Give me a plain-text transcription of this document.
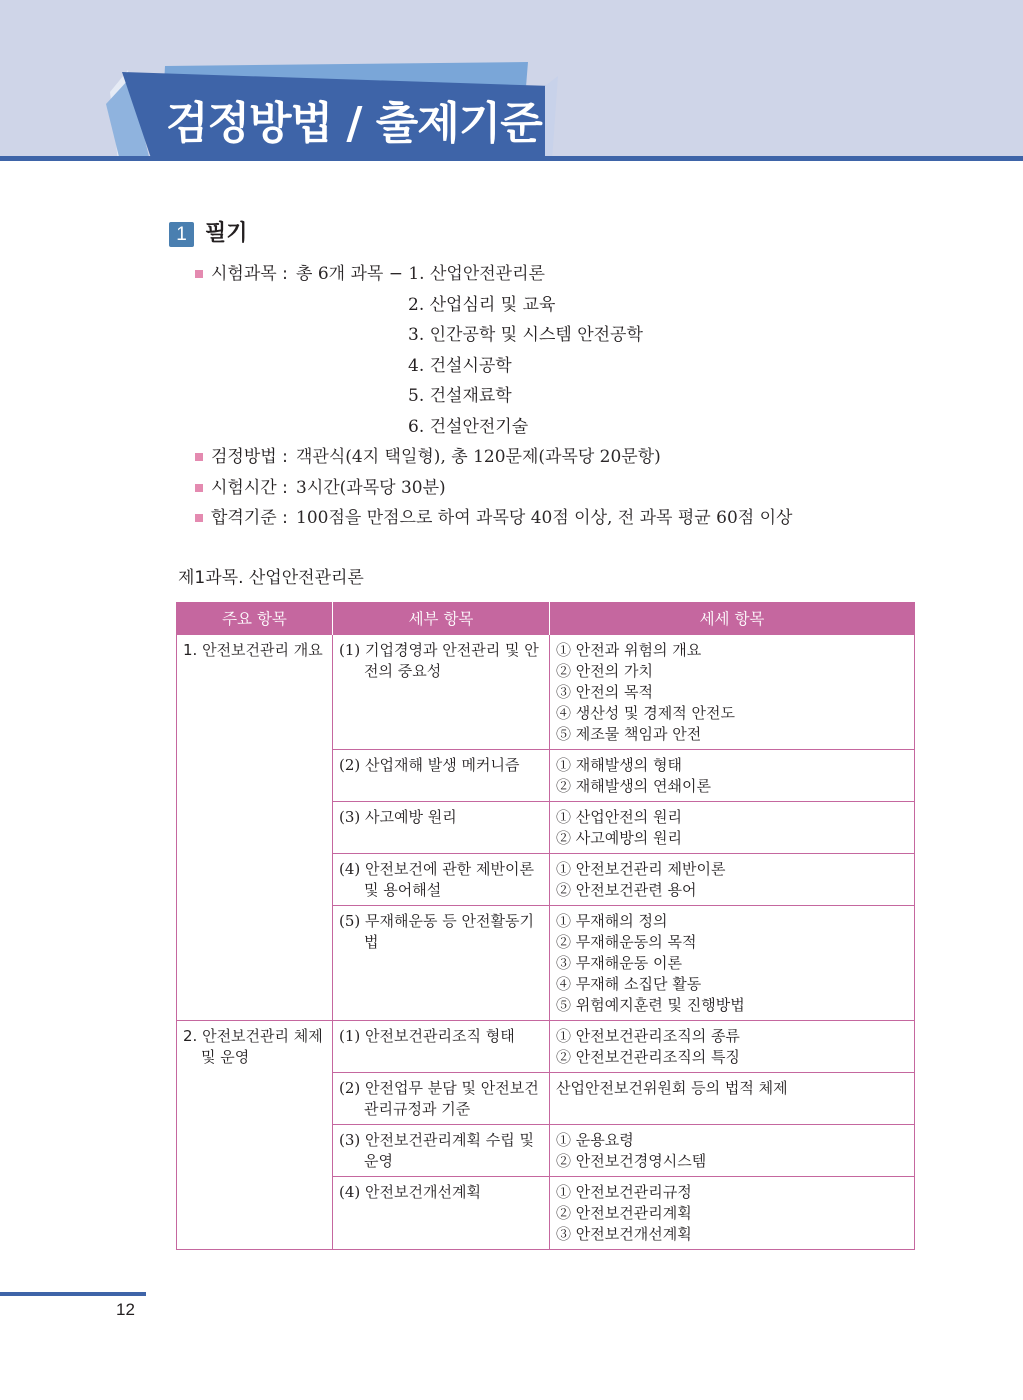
검정방법 / 출제기준
1 필기
시험과목 : 총 6개 과목 − 1. 산업안전관리론
2. 산업심리 및 교육
3. 인간공학 및 시스템 안전공학
4. 건설시공학
5. 건설재료학
6. 건설안전기술
검정방법 : 객관식(4지 택일형), 총 120문제(과목당 20문항)
시험시간 : 3시간(과목당 30분)
합격기준 : 100점을 만점으로 하여 과목당 40점 이상, 전 과목 평균 60점 이상
제1과목. 산업안전관리론
주요 항목	세부 항목	세세 항목

1. 안전보건관리 개요	(1) 기업경영과 안전관리 및 안전의 중요성	① 안전과 위험의 개요
② 안전의 가치
③ 안전의 목적
④ 생산성 및 경제적 안전도
⑤ 제조물 책임과 안전

	(2) 산업재해 발생 메커니즘	① 재해발생의 형태
② 재해발생의 연쇄이론

	(3) 사고예방 원리	① 산업안전의 원리
② 사고예방의 원리

	(4) 안전보건에 관한 제반이론 및 용어해설	① 안전보건관리 제반이론
② 안전보건관련 용어

	(5) 무재해운동 등 안전활동기법	① 무재해의 정의
② 무재해운동의 목적
③ 무재해운동 이론
④ 무재해 소집단 활동
⑤ 위험예지훈련 및 진행방법

2. 안전보건관리 체제 및 운영	(1) 안전보건관리조직 형태	① 안전보건관리조직의 종류
② 안전보건관리조직의 특징

	(2) 안전업무 분담 및 안전보건관리규정과 기준	산업안전보건위원회 등의 법적 체제

	(3) 안전보건관리계획 수립 및 운영	① 운용요령
② 안전보건경영시스템

	(4) 안전보건개선계획	① 안전보건관리규정
② 안전보건관리계획
③ 안전보건개선계획
12
